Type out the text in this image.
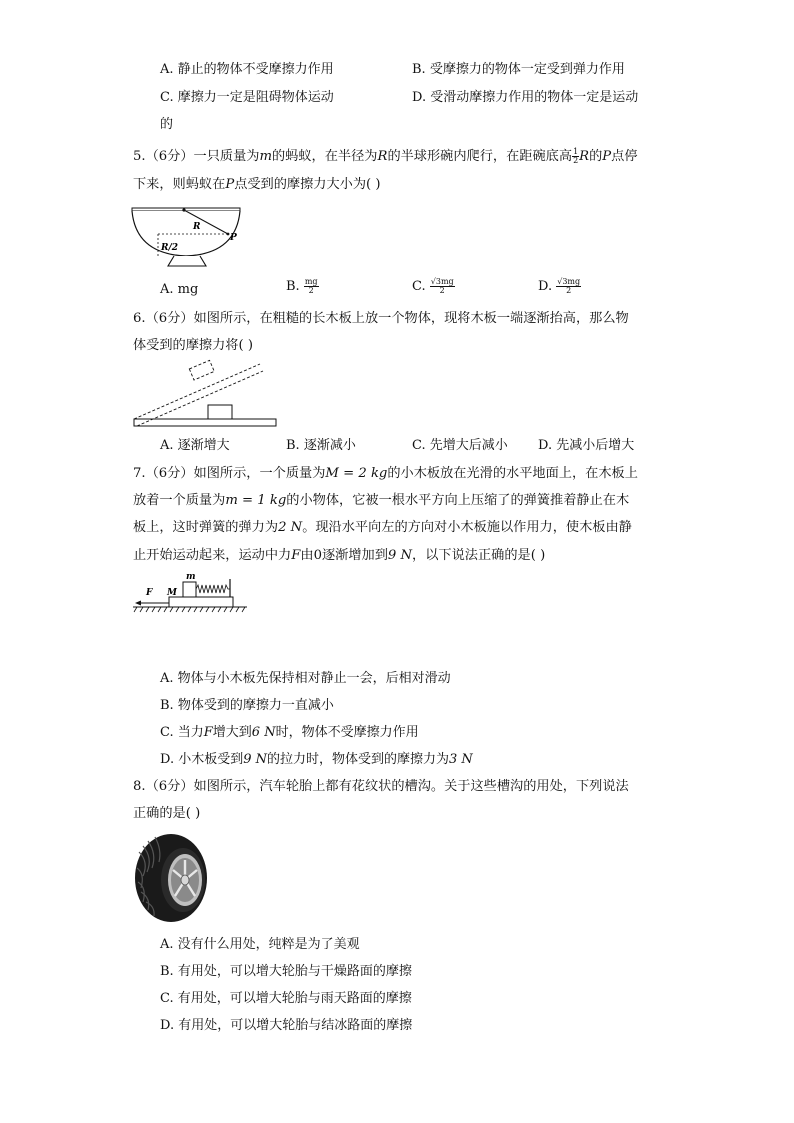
A. 静止的物体不受摩擦力作用	B. 受摩擦力的物体一定受到弹力作用
C. 摩擦力一定是阻碍物体运动	D. 受滑动摩擦力作用的物体一定是运动
的
5.（6分）一只质量为m的蚂蚁，在半径为R的半球形碗内爬行，在距碗底高 $\frac{1}{2}$ R的P点停
下来，则蚂蚁在P点受到的摩擦力大小为( )
R
P
R/2
A. mg	B. $\frac{mg}{2}$	C. $\frac{√3mg}{2}$	D. $\frac{√3mg}{2}$
6.（6分）如图所示，在粗糙的长木板上放一个物体，现将木板一端逐渐抬高，那么物
体受到的摩擦力将( )
A. 逐渐增大	B. 逐渐减小	C. 先增大后减小 D. 先减小后增大
7.（6分）如图所示，一个质量为M = 2 kg的小木板放在光滑的水平地面上，在木板上
放着一个质量为m = 1 kg的小物体，它被一根水平方向上压缩了的弹簧推着静止在木
板上，这时弹簧的弹力为2 N。现沿水平向左的方向对小木板施以作用力，使木板由静
止开始运动起来，运动中力F由0逐渐增加到9 N，以下说法正确的是( )
F M
m
A. 物体与小木板先保持相对静止一会，后相对滑动
B. 物体受到的摩擦力一直减小
C. 当力F增大到6 N时，物体不受摩擦力作用
D. 小木板受到9 N的拉力时，物体受到的摩擦力为3 N
8.（6分）如图所示，汽车轮胎上都有花纹状的槽沟。关于这些槽沟的用处，下列说法
正确的是( )
A. 没有什么用处，纯粹是为了美观
B. 有用处，可以增大轮胎与干燥路面的摩擦
C. 有用处，可以增大轮胎与雨天路面的摩擦
D. 有用处，可以增大轮胎与结冰路面的摩擦
